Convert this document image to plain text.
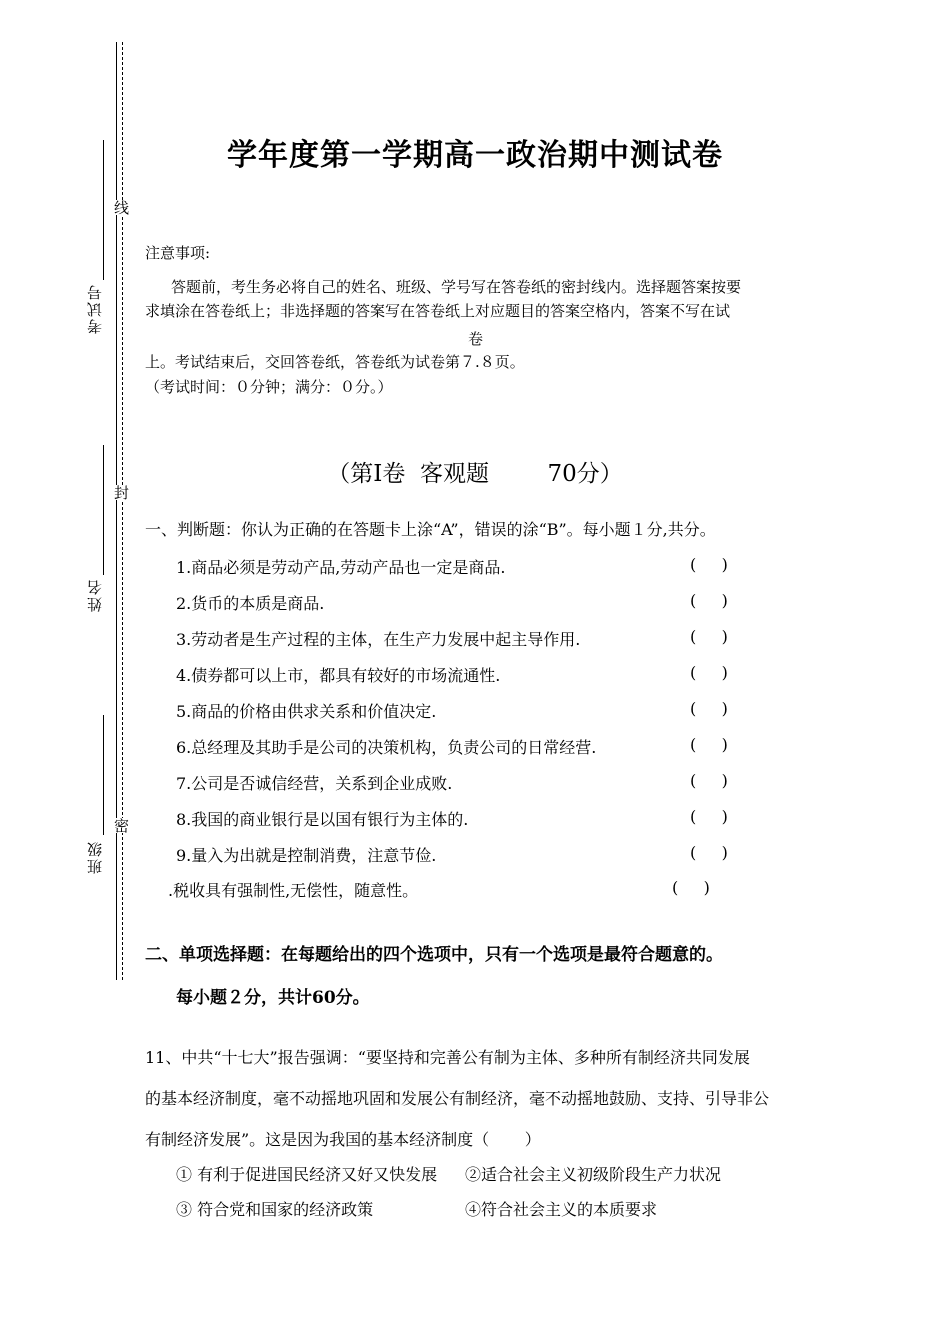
线
封
密
考试号
姓名
班级
学年度第一学期高一政治期中测试卷
注意事项:
答题前，考生务必将自己的姓名、班级、学号写在答卷纸的密封线内。选择题答案按要
求填涂在答卷纸上；非选择题的答案写在答卷纸上对应题目的答案空格内，答案不写在试
卷
上。考试结束后，交回答卷纸，答卷纸为试卷第７.８页。
（考试时间：０分钟；满分：０分。）
（第Ⅰ卷  客观题        70分）
一、判断题：你认为正确的在答题卡上涂“A”，错误的涂“B”。每小题１分,共分。
1.商品必须是劳动产品,劳动产品也一定是商品.	(     )
2.货币的本质是商品.	(     )
3.劳动者是生产过程的主体，在生产力发展中起主导作用.	(     )
4.债券都可以上市，都具有较好的市场流通性.	(     )
5.商品的价格由供求关系和价值决定.	(     )
6.总经理及其助手是公司的决策机构，负责公司的日常经营.	(     )
7.公司是否诚信经营，关系到企业成败.	(     )
8.我国的商业银行是以国有银行为主体的.	(     )
9.量入为出就是控制消费，注意节俭.	(     )
.税收具有强制性,无偿性，随意性。	(     )
二、单项选择题：在每题给出的四个选项中，只有一个选项是最符合题意的。
每小题２分，共计60分。
11、中共“十七大”报告强调：“要坚持和完善公有制为主体、多种所有制经济共同发展
的基本经济制度，毫不动摇地巩固和发展公有制经济，毫不动摇地鼓励、支持、引导非公
有制经济发展”。这是因为我国的基本经济制度（       ）
① 有利于促进国民经济又好又快发展 ②适合社会主义初级阶段生产力状况
③ 符合党和国家的经济政策	④符合社会主义的本质要求
